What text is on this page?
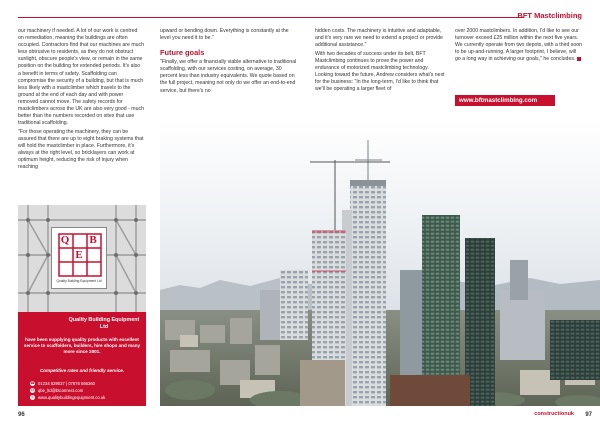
BFT Mastclimbing

our machinery if needed. A lot of our work is centred on remediation, meaning the buildings are often occupied. Contractors find that our machines are much less obtrusive to residents, as they do not obstruct sunlight, obscure people's view, or remain in the same position on the building for extended periods. It's also a benefit in terms of safety. Scaffolding can compromise the security of a building, but that is much less likely with a mastclimber which travels to the ground at the end of each day and with power removed cannot move. The safety records for mastclimbers across the UK are also very good - much better than the numbers recorded on sites that use traditional scaffolding.

"For those operating the machinery, they can be assured that there are up to eight braking systems that will hold the mastclimber in place. Furthermore, it's always at the right level, so bricklayers can work at optimum height, reducing the risk of injury when reaching

upward or bending down. Everything is constantly at the level you need it to be."

Future goals

"Finally, we offer a financially viable alternative to traditional scaffolding, with our services costing, on average, 30 percent less than industry equivalents. We quote based on the full project, meaning not only do we offer an end-to-end service, but there's no

hidden costs. The machinery is intuitive and adaptable, and it's very rare we need to extend a project or provide additional assistance."

With two decades of success under its belt, BFT Mastclimbing continues to prove the power and endurance of motorized mastclimbing technology. Looking toward the future, Andrew considers what's next for the business: "In the long-term, I'd like to think that we'll be operating a larger fleet of

over 2000 mastclimbers. In addition, I'd like to see our turnover exceed £25 million within the next five years. We currently operate from two depots, with a third soon to be up-and-running. A larger footprint, I believe, will go a long way in achieving our goals," he concludes.

www.bftmastclimbing.com
Q	B
E
Quality Building Equipment Ltd
Quality Building Equipment Ltd
have been supplying quality products with excellent service to scaffolders, builders, hire shops and many more since 2001.
Competitive rates and friendly service.
☎ 01234 639037 | 07876 566360
@ qbe_ltd@btconnect.com
◎ www.qualitybuildingequipment.co.uk
96	constructionuk 97
